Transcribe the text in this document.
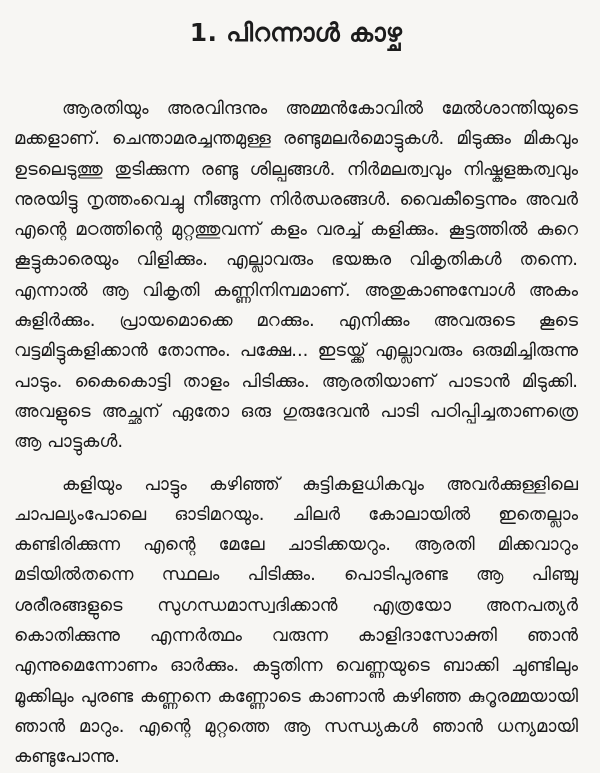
1. പിറന്നാൾ കാഴ്ച

ആരതിയും അരവിന്ദനും അമ്മൻകോവിൽ മേൽശാന്തിയുടെ മക്കളാണ്. ചെന്താമരച്ചന്തമുള്ള രണ്ടുമലർമൊട്ടുകൾ. മിടുക്കും മികവും ഉടലെടുത്തു തുടിക്കുന്ന രണ്ടു ശില്പങ്ങൾ. നിർമലത്വവും നിഷ്കളങ്കത്വവും നുരയിട്ടു നൃത്തംവെച്ചു നീങ്ങുന്ന നിർഝരങ്ങൾ. വൈകീട്ടെന്നും അവർ എന്റെ മഠത്തിന്റെ മുറ്റത്തുവന്ന് കളം വരച്ച് കളിക്കും. കൂട്ടത്തിൽ കുറെ കൂട്ടുകാരെയും വിളിക്കും. എല്ലാവരും ഭയങ്കര വികൃതികൾ തന്നെ. എന്നാൽ ആ വികൃതി കണ്ണിനിമ്പമാണ്. അതുകാണുമ്പോൾ അകം കുളിർക്കും. പ്രായമൊക്കെ മറക്കും. എനിക്കും അവരുടെ കൂടെ വട്ടമിട്ടുകളിക്കാൻ തോന്നും. പക്ഷേ... ഇടയ്ക്ക് എല്ലാവരും ഒരുമിച്ചിരുന്നു പാടും. കൈകൊട്ടി താളം പിടിക്കും. ആരതിയാണ് പാടാൻ മിടുക്കി. അവളുടെ അച്ഛന് ഏതോ ഒരു ഗുരുദേവൻ പാടി പഠിപ്പിച്ചതാണത്രെ ആ പാട്ടുകൾ.

കളിയും പാട്ടും കഴിഞ്ഞ് കുട്ടികളധികവും അവർക്കുള്ളിലെ ചാപല്യംപോലെ ഓടിമറയും. ചിലർ കോലായിൽ ഇതെല്ലാം കണ്ടിരിക്കുന്ന എന്റെ മേലേ ചാടിക്കയറും. ആരതി മിക്കവാറും മടിയിൽതന്നെ സ്ഥലം പിടിക്കും. പൊടിപുരണ്ട ആ പിഞ്ചു ശരീരങ്ങളുടെ സുഗന്ധമാസ്വദിക്കാൻ എത്രയോ അനപത്യർ കൊതിക്കുന്നു എന്നർത്ഥം വരുന്ന കാളിദാസോക്തി ഞാൻ എന്നുമെന്നോണം ഓർക്കും. കട്ടുതിന്ന വെണ്ണയുടെ ബാക്കി ചുണ്ടിലും മൂക്കിലും പുരണ്ട കണ്ണനെ കണ്ണോടെ കാണാൻ കഴിഞ്ഞ കുറൂരമ്മയായി ഞാൻ മാറും. എന്റെ മുറ്റത്തെ ആ സന്ധ്യകൾ ഞാൻ ധന്യമായി കണ്ടുപോന്നു.
